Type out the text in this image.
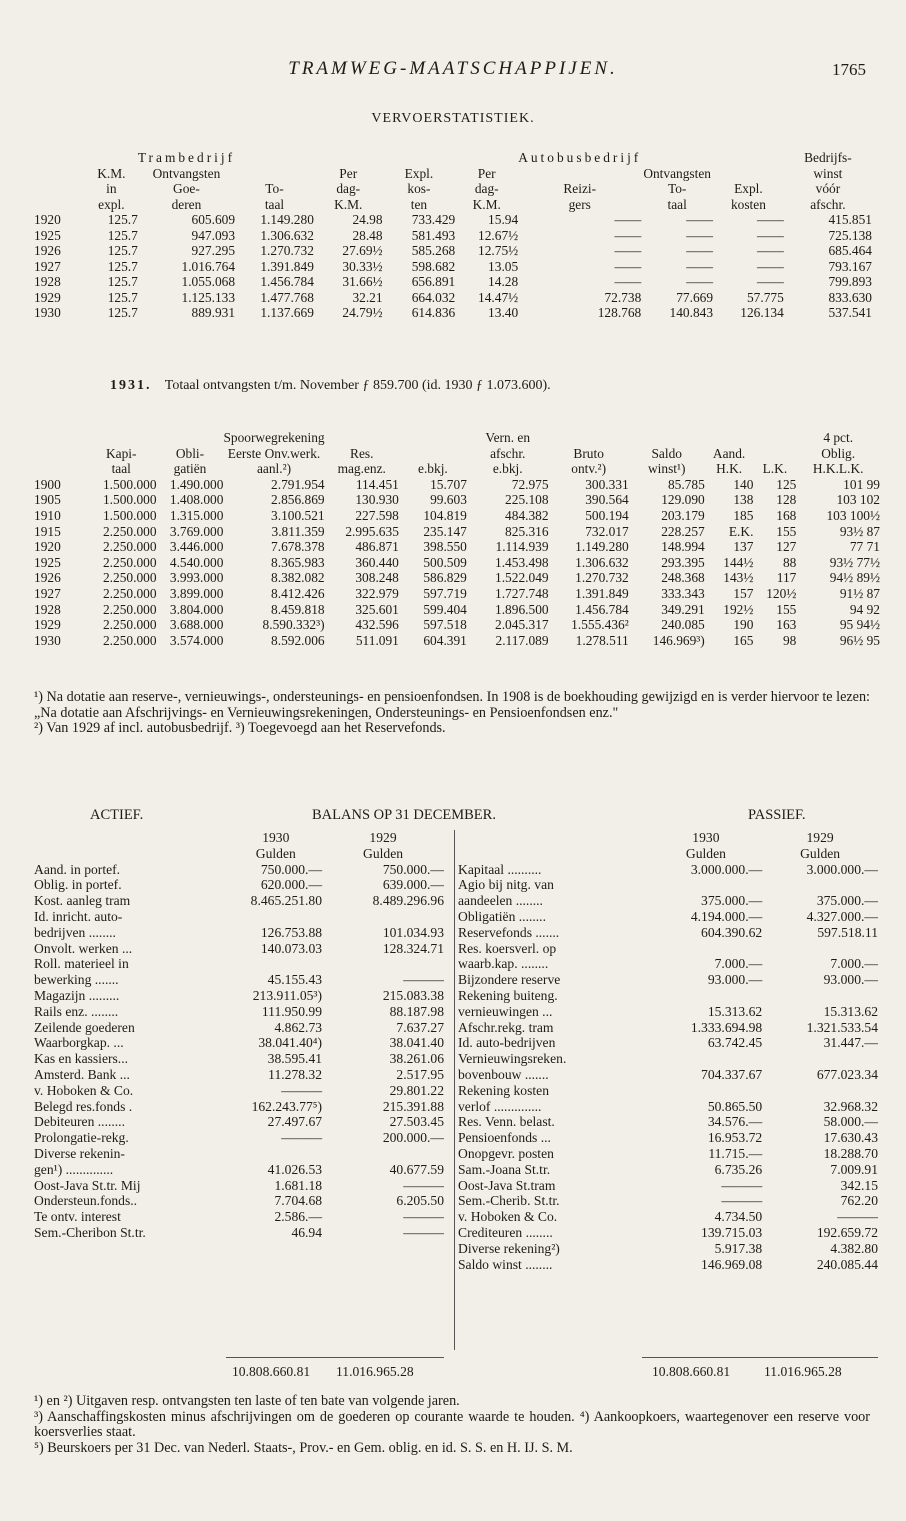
TRAMWEG-MAATSCHAPPIJEN.	1765
VERVOERSTATISTIEK.
		Trambedrijf					Autobusbedrijf			Bedrijfs-
	K.M.	Ontvangsten		Per	Expl.	Per		Ontvangsten		winst
	in	Goe-	To-	dag-	kos-	dag-	Reizi-	To-	Expl.	vóór
	expl.	deren	taal	K.M.	ten	K.M.	gers	taal	kosten	afschr.
1920	125.7	605.609	1.149.280	24.98	733.429	15.94	——	——	——	415.851
1925	125.7	947.093	1.306.632	28.48	581.493	12.67½	——	——	——	725.138
1926	125.7	927.295	1.270.732	27.69½	585.268	12.75½	——	——	——	685.464
1927	125.7	1.016.764	1.391.849	30.33½	598.682	13.05	——	——	——	793.167
1928	125.7	1.055.068	1.456.784	31.66½	656.891	14.28	——	——	——	799.893
1929	125.7	1.125.133	1.477.768	32.21	664.032	14.47½	72.738	77.669	57.775	833.630
1930	125.7	889.931	1.137.669	24.79½	614.836	13.40	128.768	140.843	126.134	537.541
1931. Totaal ontvangsten t/m. November ƒ 859.700 (id. 1930 ƒ 1.073.600).
			Spoorwegrekening			Vern. en					4 pct.
	Kapi-	Obli-	Eerste Onv.werk.	Res.		afschr.	Bruto	Saldo	Aand.		Oblig.
	taal	gatiën	aanl.²)	mag.enz.	e.bkj.	e.bkj.	ontv.²)	winst¹)	H.K.	L.K.	H.K.L.K.
1900	1.500.000	1.490.000	2.791.954	114.451	15.707	72.975	300.331	85.785	140	125	101 99
1905	1.500.000	1.408.000	2.856.869	130.930	99.603	225.108	390.564	129.090	138	128	103 102
1910	1.500.000	1.315.000	3.100.521	227.598	104.819	484.382	500.194	203.179	185	168	103 100½
1915	2.250.000	3.769.000	3.811.359	2.995.635	235.147	825.316	732.017	228.257	E.K.	155	93½ 87
1920	2.250.000	3.446.000	7.678.378	486.871	398.550	1.114.939	1.149.280	148.994	137	127	77 71
1925	2.250.000	4.540.000	8.365.983	360.440	500.509	1.453.498	1.306.632	293.395	144½	88	93½ 77½
1926	2.250.000	3.993.000	8.382.082	308.248	586.829	1.522.049	1.270.732	248.368	143½	117	94½ 89½
1927	2.250.000	3.899.000	8.412.426	322.979	597.719	1.727.748	1.391.849	333.343	157	120½	91½ 87
1928	2.250.000	3.804.000	8.459.818	325.601	599.404	1.896.500	1.456.784	349.291	192½	155	94 92
1929	2.250.000	3.688.000	8.590.332³)	432.596	597.518	2.045.317	1.555.436²	240.085	190	163	95 94½
1930	2.250.000	3.574.000	8.592.006	511.091	604.391	2.117.089	1.278.511	146.969³)	165	98	96½ 95
¹) Na dotatie aan reserve-, vernieuwings-, ondersteunings- en pensioenfondsen. In 1908 is de boekhouding gewijzigd en is verder hiervoor te lezen: „Na dotatie aan Afschrijvings- en Vernieuwingsrekeningen, Ondersteunings- en Pensioenfondsen enz."
²) Van 1929 af incl. autobusbedrijf. ³) Toegevoegd aan het Reservefonds.
ACTIEF.	BALANS OP 31 DECEMBER.	PASSIEF.
	1930	1929
	Gulden	Gulden
Aand. in portef.	750.000.—	750.000.—
Oblig. in portef.	620.000.—	639.000.—
Kost. aanleg tram	8.465.251.80	8.489.296.96
Id. inricht. auto-		
bedrijven ........	126.753.88	101.034.93
Onvolt. werken ...	140.073.03	128.324.71
Roll. materieel in		
bewerking .......	45.155.43	———
Magazijn .........	213.911.05³)	215.083.38
Rails enz. ........	111.950.99	88.187.98
Zeilende goederen	4.862.73	7.637.27
Waarborgkap. ...	38.041.40⁴)	38.041.40
Kas en kassiers...	38.595.41	38.261.06
Amsterd. Bank ...	11.278.32	2.517.95
v. Hoboken & Co.	———	29.801.22
Belegd res.fonds .	162.243.77⁵)	215.391.88
Debiteuren ........	27.497.67	27.503.45
Prolongatie-rekg.	———	200.000.—
Diverse rekenin-		
gen¹) ..............	41.026.53	40.677.59
Oost-Java St.tr. Mij	1.681.18	———
Ondersteun.fonds..	7.704.68	6.205.50
Te ontv. interest	2.586.—	———
Sem.-Cheribon St.tr.	46.94	———
	1930	1929
	Gulden	Gulden
Kapitaal ..........	3.000.000.—	3.000.000.—
Agio bij nitg. van		
aandeelen ........	375.000.—	375.000.—
Obligatiën ........	4.194.000.—	4.327.000.—
Reservefonds .......	604.390.62	597.518.11
Res. koersverl. op		
waarb.kap. ........	7.000.—	7.000.—
Bijzondere reserve	93.000.—	93.000.—
Rekening buiteng.		
vernieuwingen ...	15.313.62	15.313.62
Afschr.rekg. tram	1.333.694.98	1.321.533.54
Id. auto-bedrijven	63.742.45	31.447.—
Vernieuwingsreken.		
bovenbouw .......	704.337.67	677.023.34
Rekening kosten		
verlof ..............	50.865.50	32.968.32
Res. Venn. belast.	34.576.—	58.000.—
Pensioenfonds ...	16.953.72	17.630.43
Onopgevr. posten	11.715.—	18.288.70
Sam.-Joana St.tr.	6.735.26	7.009.91
Oost-Java St.tram	———	342.15
Sem.-Cherib. St.tr.	———	762.20
v. Hoboken & Co.	4.734.50	———
Crediteuren ........	139.715.03	192.659.72
Diverse rekening²)	5.917.38	4.382.80
Saldo winst ........	146.969.08	240.085.44
10.808.660.81 11.016.965.28	10.808.660.81 11.016.965.28
¹) en ²) Uitgaven resp. ontvangsten ten laste of ten bate van volgende jaren.
³) Aanschaffingskosten minus afschrijvingen om de goederen op courante waarde te houden. ⁴) Aankoopkoers, waartegenover een reserve voor koersverlies staat.
⁵) Beurskoers per 31 Dec. van Nederl. Staats-, Prov.- en Gem. oblig. en id. S. S. en H. IJ. S. M.
